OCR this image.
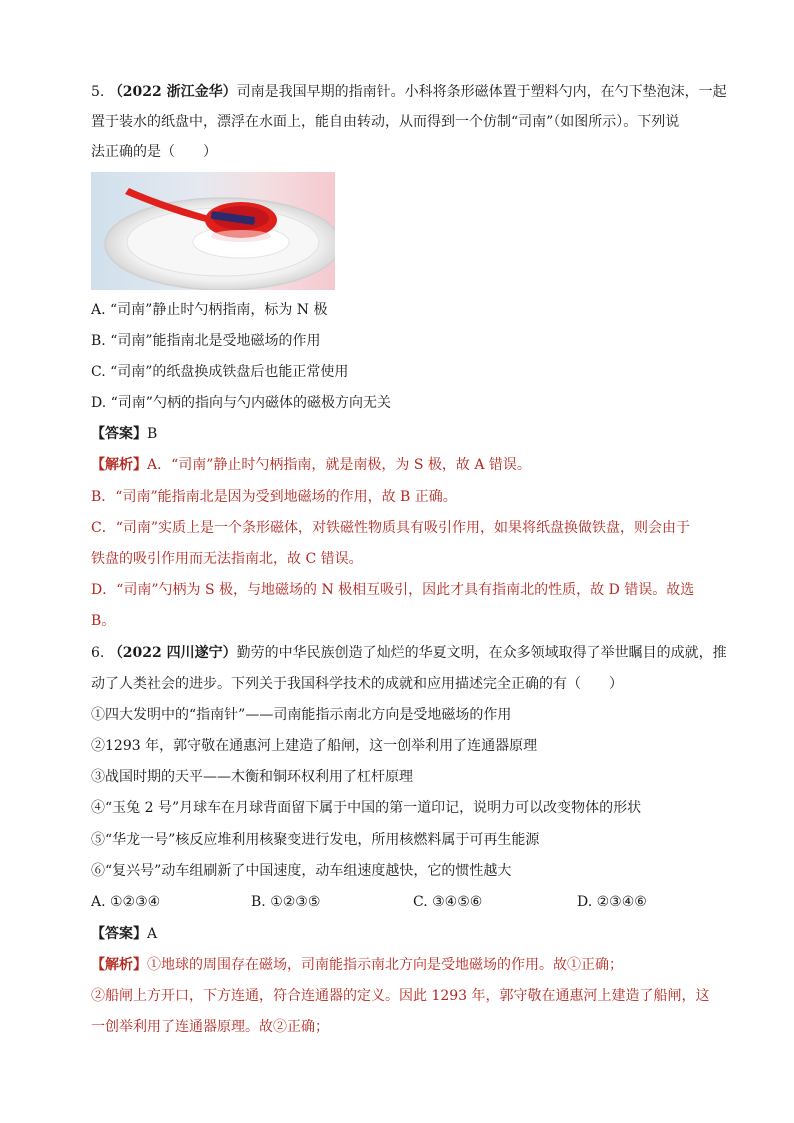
5. （2022 浙江金华）司南是我国早期的指南针。小科将条形磁体置于塑料勺内，在勺下垫泡沫，一起
置于装水的纸盘中，漂浮在水面上，能自由转动，从而得到一个仿制“司南”（如图所示）。下列说
法正确的是（　　）
A. “司南”静止时勺柄指南，标为 N 极
B. “司南”能指南北是受地磁场的作用
C. “司南”的纸盘换成铁盘后也能正常使用
D. “司南”勺柄的指向与勺内磁体的磁极方向无关
【答案】B
【解析】A．“司南”静止时勺柄指南，就是南极，为 S 极，故 A 错误。
B．“司南”能指南北是因为受到地磁场的作用，故 B 正确。
C．“司南”实质上是一个条形磁体，对铁磁性物质具有吸引作用，如果将纸盘换做铁盘，则会由于
铁盘的吸引作用而无法指南北，故 C 错误。
D．“司南”勺柄为 S 极，与地磁场的 N 极相互吸引，因此才具有指南北的性质，故 D 错误。故选
B。
6. （2022 四川遂宁）勤劳的中华民族创造了灿烂的华夏文明，在众多领域取得了举世瞩目的成就，推
动了人类社会的进步。下列关于我国科学技术的成就和应用描述完全正确的有（　　）
①四大发明中的“指南针”——司南能指示南北方向是受地磁场的作用
②1293 年，郭守敬在通惠河上建造了船闸，这一创举利用了连通器原理
③战国时期的天平——木衡和铜环权利用了杠杆原理
④“玉兔 2 号”月球车在月球背面留下属于中国的第一道印记，说明力可以改变物体的形状
⑤“华龙一号”核反应堆利用核聚变进行发电，所用核燃料属于可再生能源
⑥“复兴号”动车组刷新了中国速度，动车组速度越快，它的惯性越大
A. ①②③④	B. ①②③⑤	C. ③④⑤⑥	D. ②③④⑥
【答案】A
【解析】①地球的周围存在磁场，司南能指示南北方向是受地磁场的作用。故①正确；
②船闸上方开口，下方连通，符合连通器的定义。因此 1293 年，郭守敬在通惠河上建造了船闸，这
一创举利用了连通器原理。故②正确；
